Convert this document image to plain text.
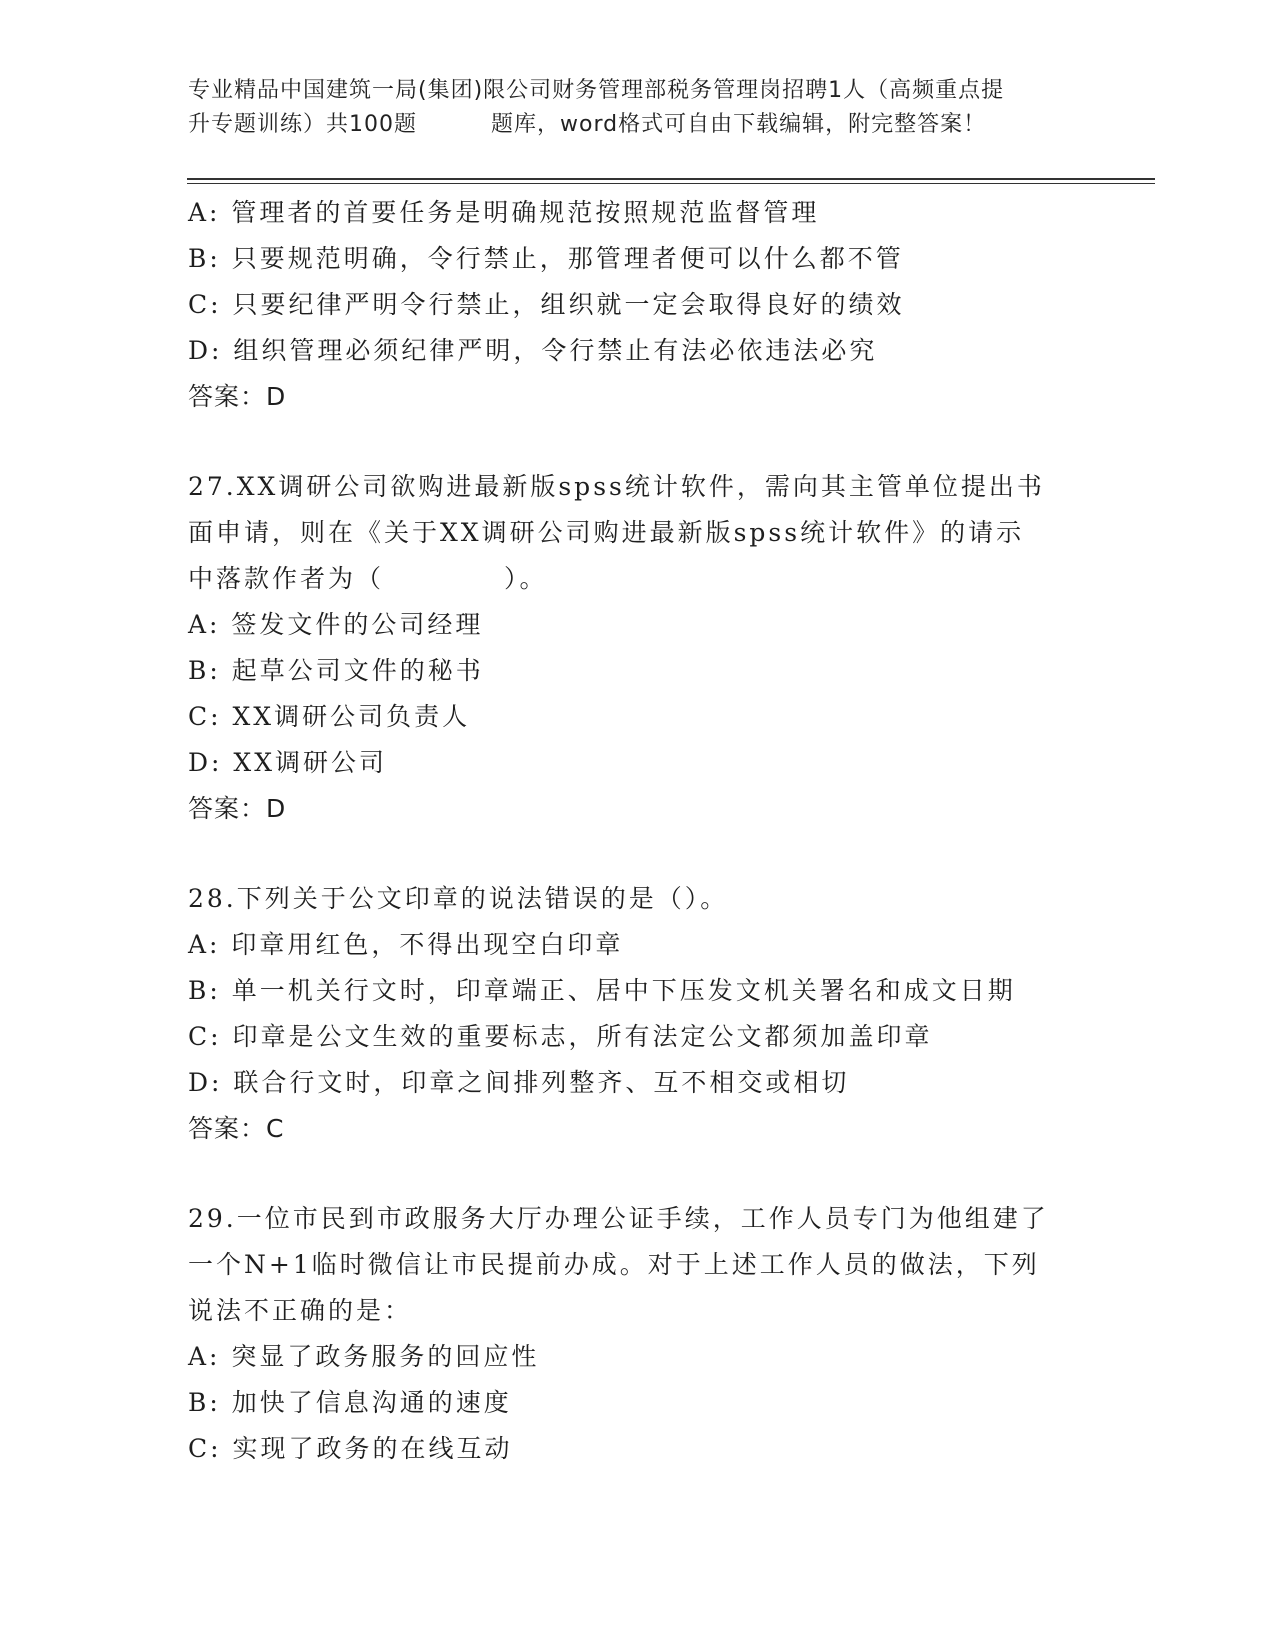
专业精品中国建筑一局(集团)限公司财务管理部税务管理岗招聘1人（高频重点提
升专题训练）共100题	题库，word格式可自由下载编辑，附完整答案！
A: 管理者的首要任务是明确规范按照规范监督管理
B: 只要规范明确，令行禁止，那管理者便可以什么都不管
C: 只要纪律严明令行禁止，组织就一定会取得良好的绩效
D: 组织管理必须纪律严明，令行禁止有法必依违法必究
答案：D
27.XX调研公司欲购进最新版spss统计软件，需向其主管单位提出书
面申请，则在《关于XX调研公司购进最新版spss统计软件》的请示
中落款作者为（	）。
A: 签发文件的公司经理
B: 起草公司文件的秘书
C: XX调研公司负责人
D: XX调研公司
答案：D
28.下列关于公文印章的说法错误的是（）。
A: 印章用红色，不得出现空白印章
B: 单一机关行文时，印章端正、居中下压发文机关署名和成文日期
C: 印章是公文生效的重要标志，所有法定公文都须加盖印章
D: 联合行文时，印章之间排列整齐、互不相交或相切
答案：C
29.一位市民到市政服务大厅办理公证手续，工作人员专门为他组建了
一个N+1临时微信让市民提前办成。对于上述工作人员的做法，下列
说法不正确的是：
A: 突显了政务服务的回应性
B: 加快了信息沟通的速度
C: 实现了政务的在线互动
